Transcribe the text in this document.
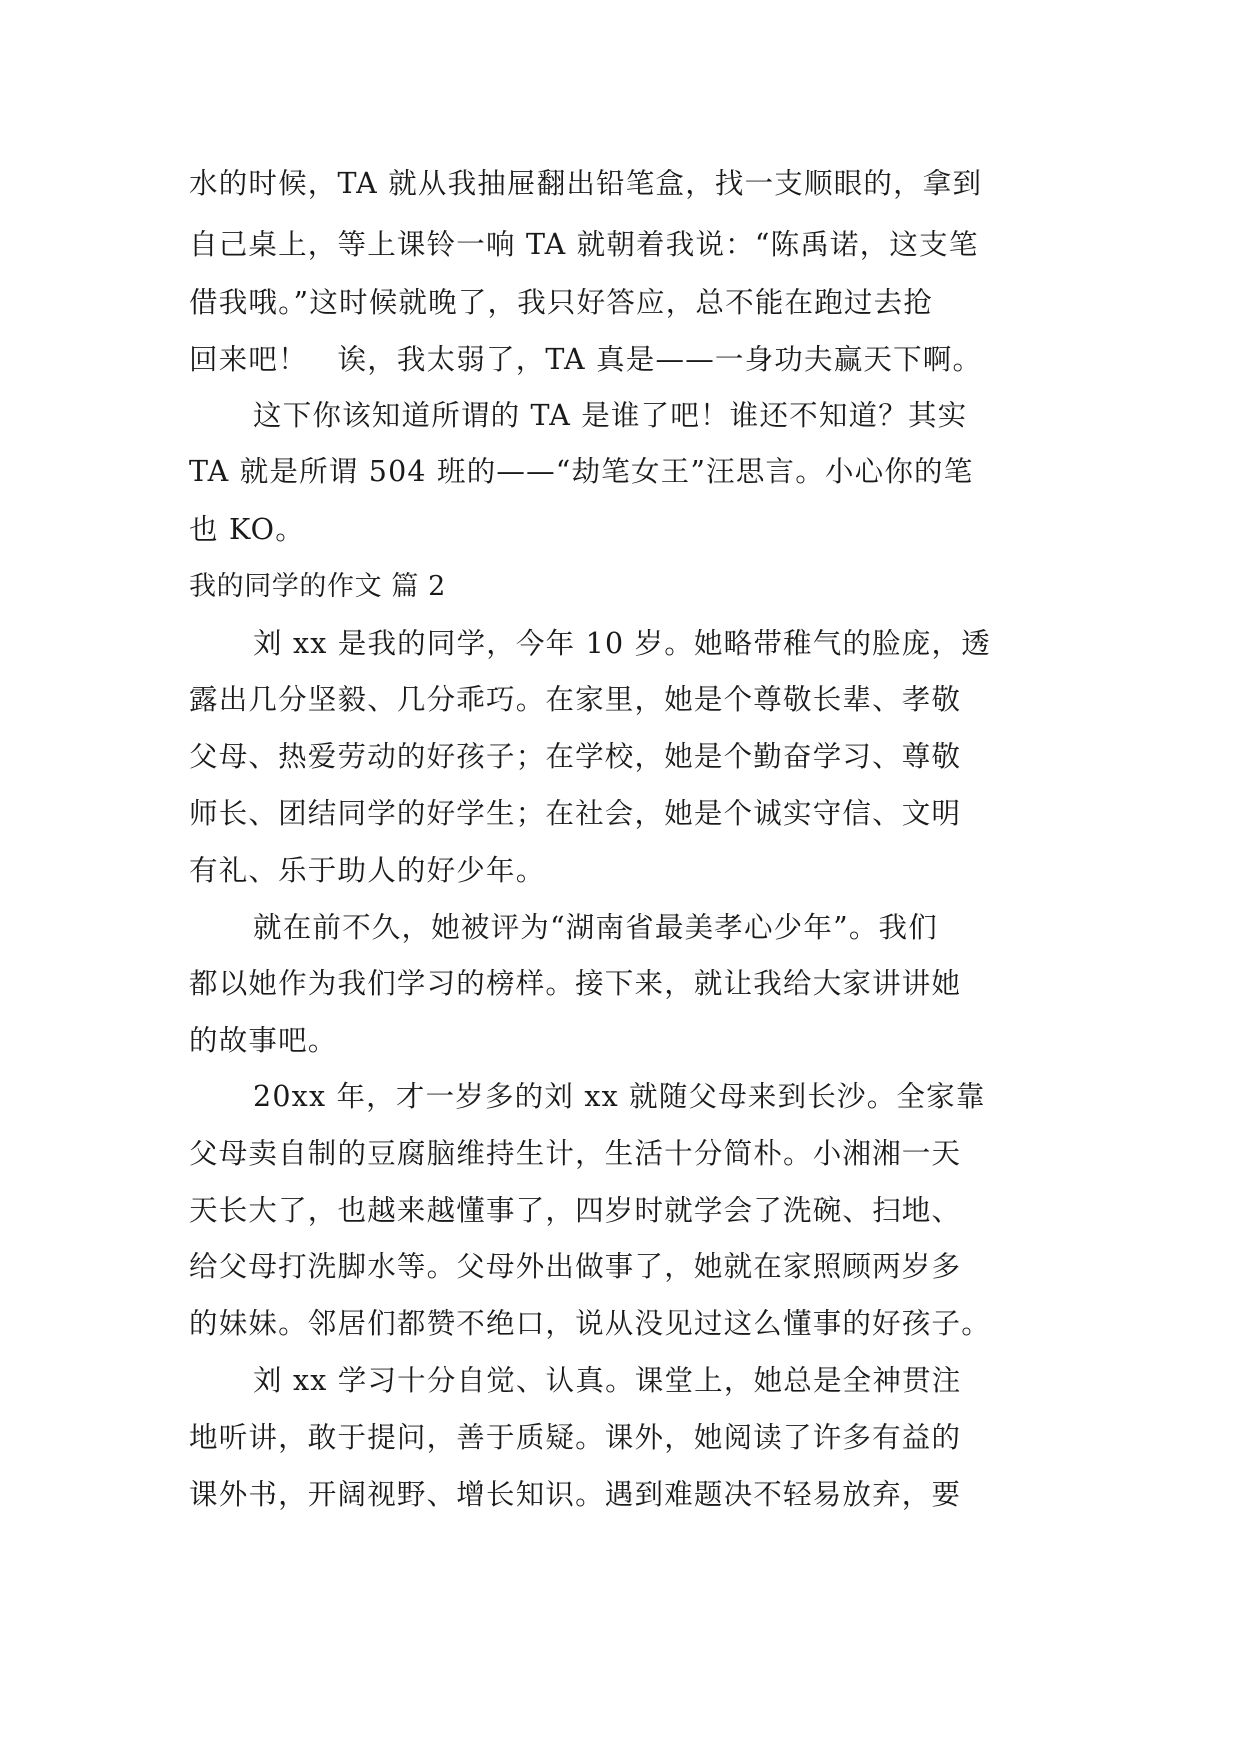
水的时候，TA 就从我抽屉翻出铅笔盒，找一支顺眼的，拿到
自己桌上，等上课铃一响 TA 就朝着我说：“陈禹诺，这支笔
借我哦。”这时候就晚了，我只好答应，总不能在跑过去抢
回来吧！　诶，我太弱了，TA 真是——一身功夫赢天下啊。
这下你该知道所谓的 TA 是谁了吧！谁还不知道？其实
TA 就是所谓 504 班的——“劫笔女王”汪思言。小心你的笔
也 KO。
我的同学的作文 篇 2
刘 xx 是我的同学，今年 10 岁。她略带稚气的脸庞，透
露出几分坚毅、几分乖巧。在家里，她是个尊敬长辈、孝敬
父母、热爱劳动的好孩子；在学校，她是个勤奋学习、尊敬
师长、团结同学的好学生；在社会，她是个诚实守信、文明
有礼、乐于助人的好少年。
就在前不久，她被评为“湖南省最美孝心少年”。我们
都以她作为我们学习的榜样。接下来，就让我给大家讲讲她
的故事吧。
20xx 年，才一岁多的刘 xx 就随父母来到长沙。全家靠
父母卖自制的豆腐脑维持生计，生活十分简朴。小湘湘一天
天长大了，也越来越懂事了，四岁时就学会了洗碗、扫地、
给父母打洗脚水等。父母外出做事了，她就在家照顾两岁多
的妹妹。邻居们都赞不绝口，说从没见过这么懂事的好孩子。
刘 xx 学习十分自觉、认真。课堂上，她总是全神贯注
地听讲，敢于提问，善于质疑。课外，她阅读了许多有益的
课外书，开阔视野、增长知识。遇到难题决不轻易放弃，要
